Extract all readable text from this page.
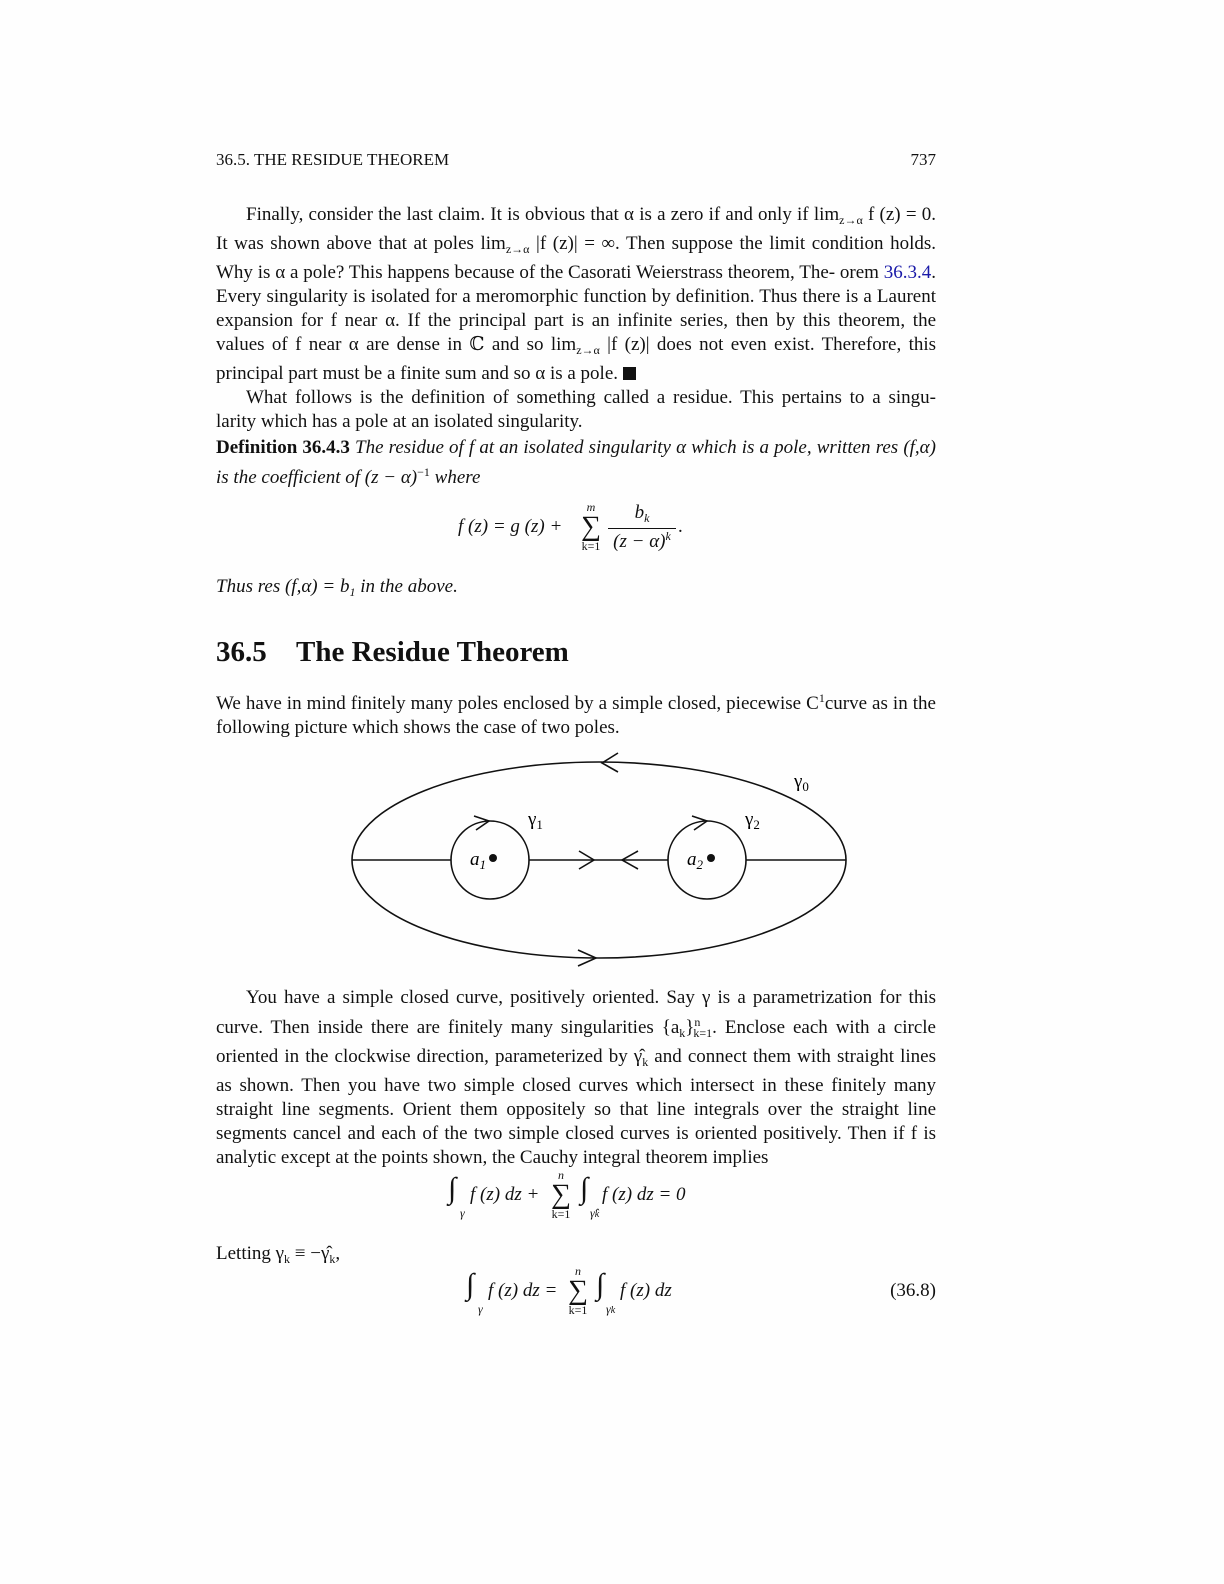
36.5. THE RESIDUE THEOREM	737

Finally, consider the last claim. It is obvious that α is a zero if and only if $\lim_{z\to\alpha} f$ (z) = 0. It was shown above that at poles $\lim_{z\to\alpha} |f$ (z)| = ∞. Then suppose the limit condition holds. Why is α a pole? This happens because of the Casorati Weierstrass theorem, The- orem 36.3.4. Every singularity is isolated for a meromorphic function by definition. Thus there is a Laurent expansion for f near α. If the principal part is an infinite series, then by this theorem, the values of f near α are dense in ℂ and so $\lim_{z\to\alpha} |f$ (z)| does not even exist. Therefore, this principal part must be a finite sum and so α is a pole.

What follows is the definition of something called a residue. This pertains to a singu- larity which has a pole at an isolated singularity.

Definition 36.4.3 The residue of f at an isolated singularity α which is a pole, written res (f,α) is the coefficient of $(z - \alpha)^{-1}$ where

f (z) = g (z) +
m
∑
k=1
$b_k$
$(z - \alpha)^k$ .

Thus res $(f,\alpha) = b_1$ in the above.

36.5 The Residue Theorem

We have in mind finitely many poles enclosed by a simple closed, piecewise $C^1curve$ as in the following picture which shows the case of two poles.

$\gamma_0$
$\gamma_1$	$\gamma_2$
$a_1$	$a_2$

You have a simple closed curve, positively oriented. Say γ is a parametrization for this curve. Then inside there are finitely many singularities $\{a_k\}^n_{k=1}$. Enclose each with a circle oriented in the clockwise direction, parameterized by $\gammâ_k$ and connect them with straight lines as shown. Then you have two simple closed curves which intersect in these finitely many straight line segments. Orient them oppositely so that line integrals over the straight line segments cancel and each of the two simple closed curves is oriented positively. Then if f is analytic except at the points shown, the Cauchy integral theorem implies

∫
γ
f (z) dz +
n
∑
k=1
∫
γ̂k
f (z) dz = 0

Letting $\gamma_k$ ≡ $-\gammâ_k$,

∫
γ
f (z) dz =
n
∑
k=1
∫
γk
f (z) dz	(36.8)
